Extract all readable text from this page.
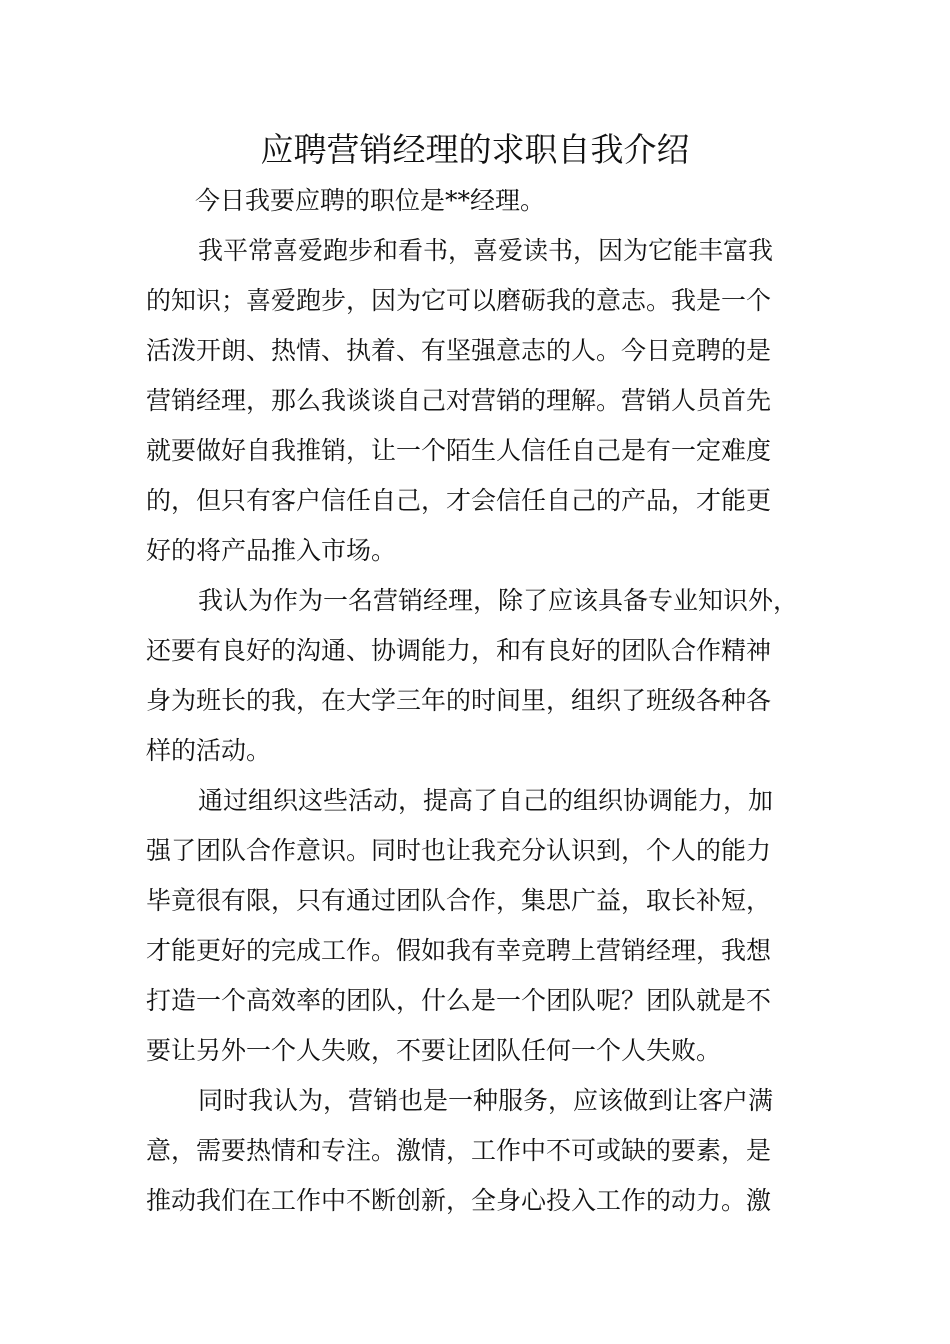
应聘营销经理的求职自我介绍
今日我要应聘的职位是**经理。
我平常喜爱跑步和看书，喜爱读书，因为它能丰富我
的知识；喜爱跑步，因为它可以磨砺我的意志。我是一个
活泼开朗、热情、执着、有坚强意志的人。今日竞聘的是
营销经理，那么我谈谈自己对营销的理解。营销人员首先
就要做好自我推销，让一个陌生人信任自己是有一定难度
的，但只有客户信任自己，才会信任自己的产品，才能更
好的将产品推入市场。
我认为作为一名营销经理，除了应该具备专业知识外，
还要有良好的沟通、协调能力，和有良好的团队合作精神
身为班长的我，在大学三年的时间里，组织了班级各种各
样的活动。
通过组织这些活动，提高了自己的组织协调能力，加
强了团队合作意识。同时也让我充分认识到，个人的能力
毕竟很有限，只有通过团队合作，集思广益，取长补短，
才能更好的完成工作。假如我有幸竞聘上营销经理，我想
打造一个高效率的团队，什么是一个团队呢？团队就是不
要让另外一个人失败，不要让团队任何一个人失败。
同时我认为，营销也是一种服务，应该做到让客户满
意，需要热情和专注。激情，工作中不可或缺的要素，是
推动我们在工作中不断创新，全身心投入工作的动力。激
